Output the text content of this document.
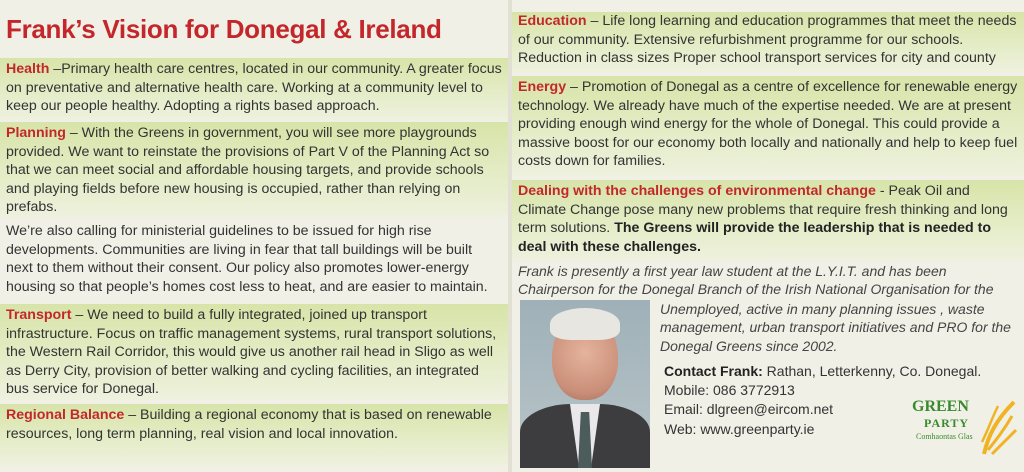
Frank’s Vision for Donegal & Ireland
Health –Primary health care centres, located in our community. A greater focus on preventative and alternative health care. Working at a community level to keep our people healthy. Adopting a rights based approach.
Planning – With the Greens in government, you will see more playgrounds provided. We want to reinstate the provisions of Part V of the Planning Act so that we can meet social and affordable housing targets, and provide schools and playing fields before new housing is occupied, rather than relying on prefabs.
We’re also calling for ministerial guidelines to be issued for high rise developments. Communities are living in fear that tall buildings will be built next to them without their consent. Our policy also promotes lower-energy housing so that people’s homes cost less to heat, and are easier to maintain.
Transport – We need to build a fully integrated, joined up transport infrastructure. Focus on traffic management systems, rural transport solutions, the Western Rail Corridor, this would give us another rail head in Sligo as well as Derry City, provision of better walking and cycling facilities, an integrated bus service for Donegal.
Regional Balance – Building a regional economy that is based on renewable resources, long term planning, real vision and local innovation.
Education – Life long learning and education programmes that meet the needs of our community. Extensive refurbishment programme for our schools. Reduction in class sizes Proper school transport services for city and county
Energy – Promotion of Donegal as a centre of excellence for renewable energy technology. We already have much of the expertise needed. We are at present providing enough wind energy for the whole of Donegal. This could provide a massive boost for our economy both locally and nationally and help to keep fuel costs down for families.
Dealing with the challenges of environmental change - Peak Oil and Climate Change pose many new problems that require fresh thinking and long term solutions. The Greens will provide the leadership that is needed to deal with these challenges.
Frank is presently a first year law student at the L.Y.I.T. and has been Chairperson for the Donegal Branch of the Irish National Organisation for the
Unemployed, active in many planning issues , waste management, urban transport initiatives and PRO for the Donegal Greens since 2002.
Contact Frank: Rathan, Letterkenny, Co. Donegal.
Mobile: 086 3772913
Email: dlgreen@eircom.net
Web: www.greenparty.ie
GREEN
PARTY
Comhaontas Glas
